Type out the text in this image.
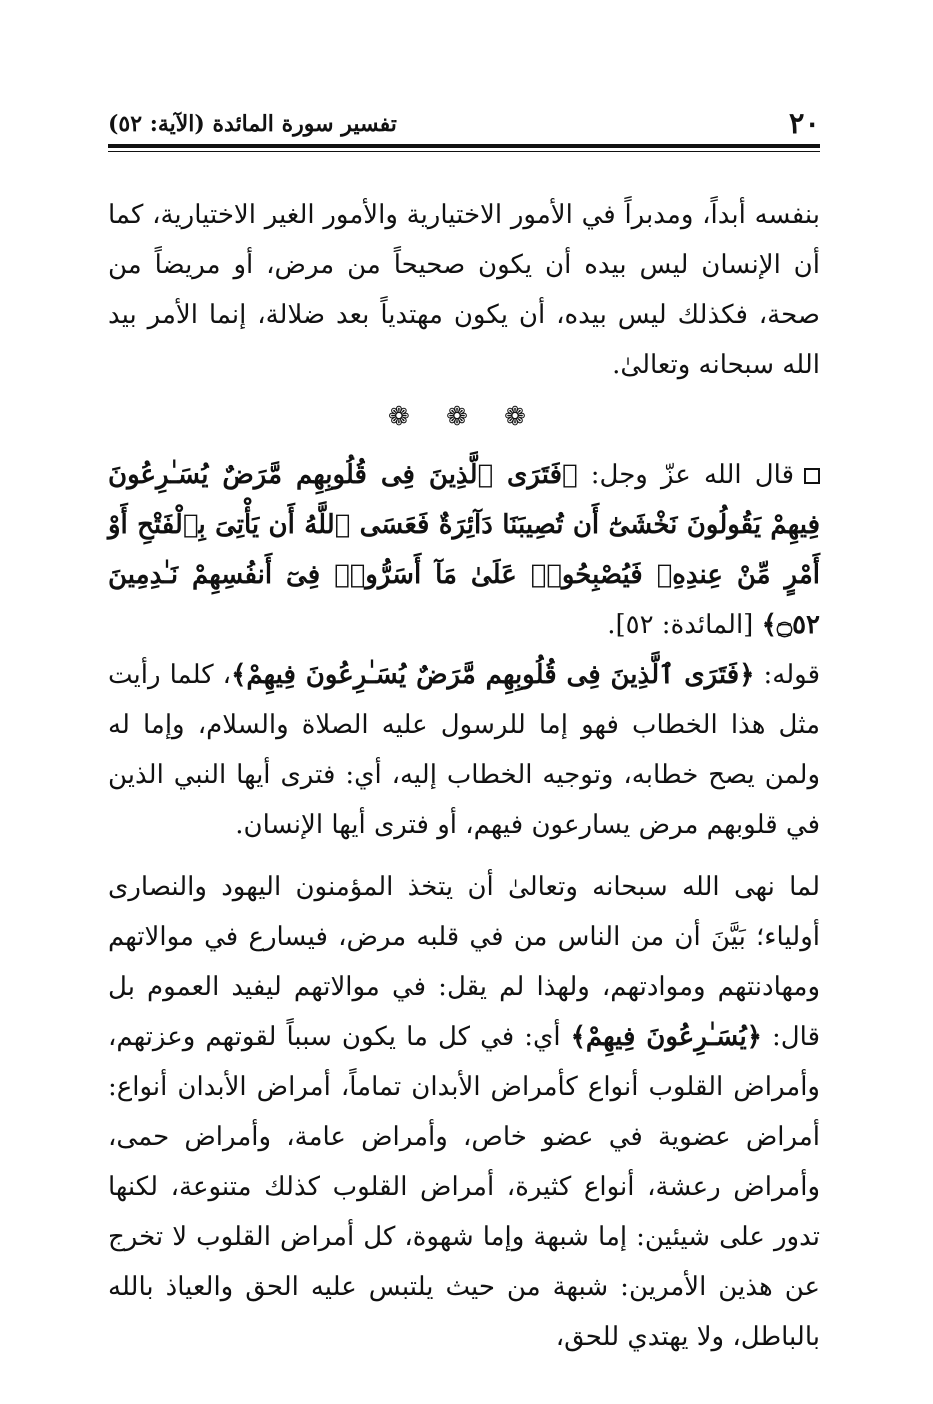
٢٠
تفسير سورة المائدة (الآية: ٥٢)

بنفسه أبداً، ومدبراً في الأمور الاختيارية والأمور الغير الاختيارية، كما أن الإنسان ليس بيده أن يكون صحيحاً من مرض، أو مريضاً من صحة، فكذلك ليس بيده، أن يكون مهتدياً بعد ضلالة، إنما الأمر بيد الله سبحانه وتعالىٰ.

❁ ❁ ❁

قال الله عزّ وجل: ﴿فَتَرَى ٱلَّذِينَ فِى قُلُوبِهِم مَّرَضٌ يُسَـٰرِعُونَ فِيهِمْ يَقُولُونَ نَخْشَىٰٓ أَن تُصِيبَنَا دَآئِرَةٌ فَعَسَى ٱللَّهُ أَن يَأْتِىَ بِٱلْفَتْحِ أَوْ أَمْرٍ مِّنْ عِندِهِۦ فَيُصْبِحُوا۟ عَلَىٰ مَآ أَسَرُّوا۟ فِىٓ أَنفُسِهِمْ نَـٰدِمِينَ ۝٥٢﴾ [المائدة: ٥٢].

قوله: ﴿فَتَرَى ٱلَّذِينَ فِى قُلُوبِهِم مَّرَضٌ يُسَـٰرِعُونَ فِيهِمْ﴾، كلما رأيت مثل هذا الخطاب فهو إما للرسول عليه الصلاة والسلام، وإما له ولمن يصح خطابه، وتوجيه الخطاب إليه، أي: فترى أيها النبي الذين في قلوبهم مرض يسارعون فيهم، أو فترى أيها الإنسان.

لما نهى الله سبحانه وتعالىٰ أن يتخذ المؤمنون اليهود والنصارى أولياء؛ بَيَّنَ أن من الناس من في قلبه مرض، فيسارع في موالاتهم ومهادنتهم وموادتهم، ولهذا لم يقل: في موالاتهم ليفيد العموم بل قال: ﴿يُسَـٰرِعُونَ فِيهِمْ﴾ أي: في كل ما يكون سبباً لقوتهم وعزتهم، وأمراض القلوب أنواع كأمراض الأبدان تماماً، أمراض الأبدان أنواع: أمراض عضوية في عضو خاص، وأمراض عامة، وأمراض حمى، وأمراض رعشة، أنواع كثيرة، أمراض القلوب كذلك متنوعة، لكنها تدور على شيئين: إما شبهة وإما شهوة، كل أمراض القلوب لا تخرج عن هذين الأمرين: شبهة من حيث يلتبس عليه الحق والعياذ بالله بالباطل، ولا يهتدي للحق،
